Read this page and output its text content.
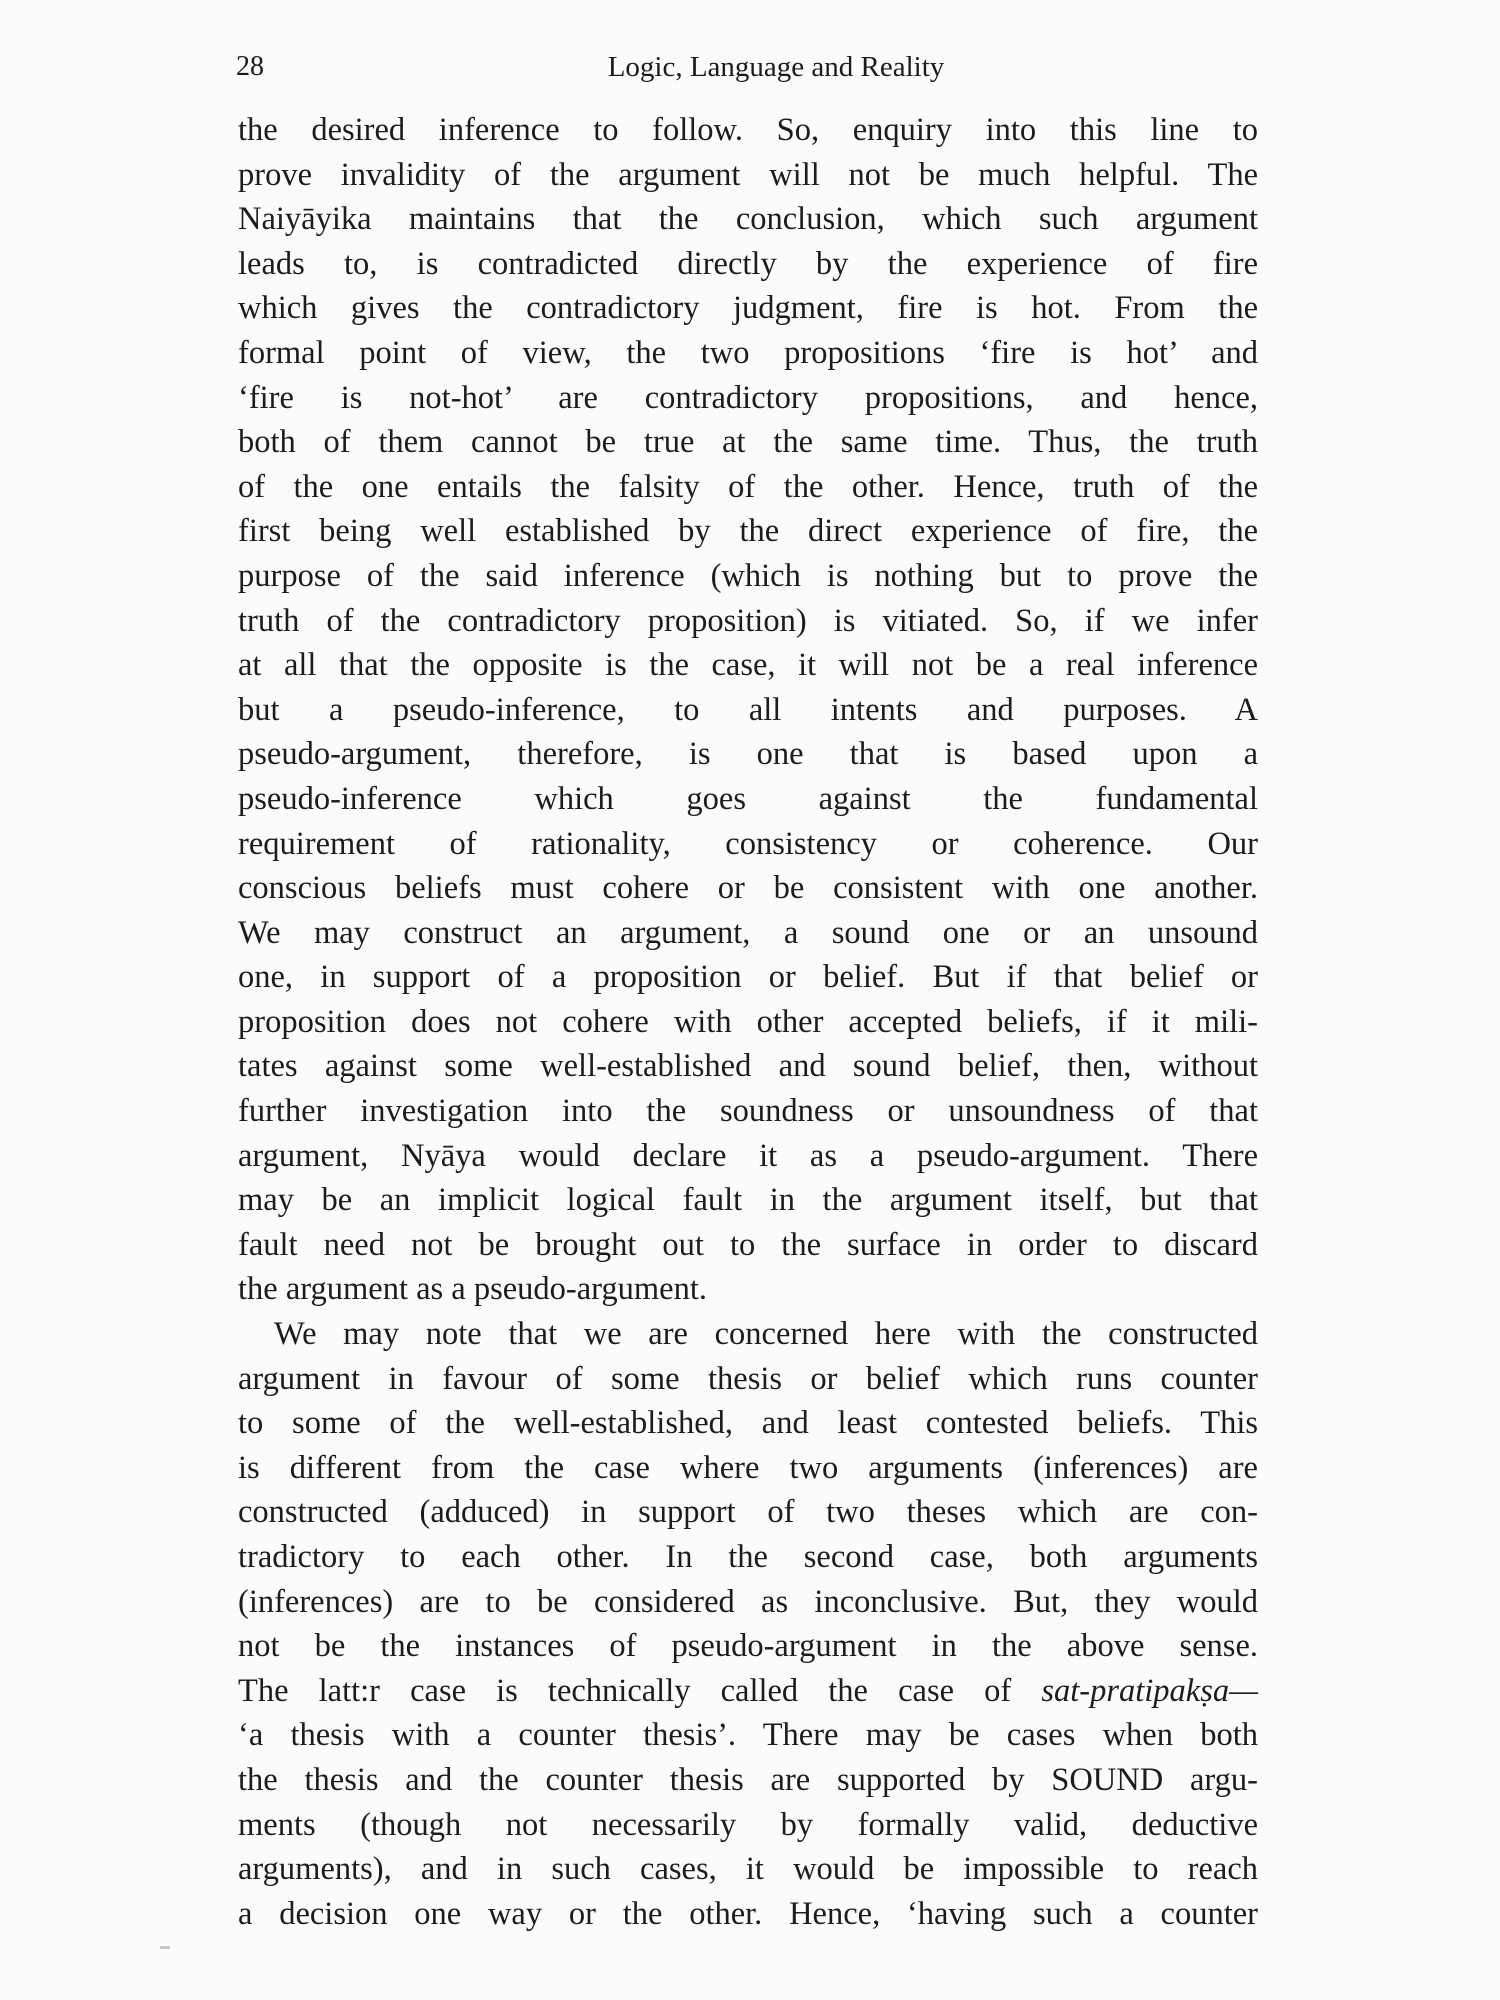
28	Logic, Language and Reality
the desired inference to follow. So, enquiry into this line to
prove invalidity of the argument will not be much helpful. The
Naiyāyika maintains that the conclusion, which such argument
leads to, is contradicted directly by the experience of fire
which gives the contradictory judgment, fire is hot. From the
formal point of view, the two propositions ‘fire is hot’ and
‘fire is not-hot’ are contradictory propositions, and hence,
both of them cannot be true at the same time. Thus, the truth
of the one entails the falsity of the other. Hence, truth of the
first being well established by the direct experience of fire, the
purpose of the said inference (which is nothing but to prove the
truth of the contradictory proposition) is vitiated. So, if we infer
at all that the opposite is the case, it will not be a real inference
but a pseudo-inference, to all intents and purposes. A
pseudo-argument, therefore, is one that is based upon a
pseudo-inference which goes against the fundamental
requirement of rationality, consistency or coherence. Our
conscious beliefs must cohere or be consistent with one another.
We may construct an argument, a sound one or an unsound
one, in support of a proposition or belief. But if that belief or
proposition does not cohere with other accepted beliefs, if it mili-
tates against some well-established and sound belief, then, without
further investigation into the soundness or unsoundness of that
argument, Nyāya would declare it as a pseudo-argument. There
may be an implicit logical fault in the argument itself, but that
fault need not be brought out to the surface in order to discard
the argument as a pseudo-argument.
We may note that we are concerned here with the constructed
argument in favour of some thesis or belief which runs counter
to some of the well-established, and least contested beliefs. This
is different from the case where two arguments (inferences) are
constructed (adduced) in support of two theses which are con-
tradictory to each other. In the second case, both arguments
(inferences) are to be considered as inconclusive. But, they would
not be the instances of pseudo-argument in the above sense.
The latt:r case is technically called the case of sat-pratipakṣa—
‘a thesis with a counter thesis’. There may be cases when both
the thesis and the counter thesis are supported by SOUND argu-
ments (though not necessarily by formally valid, deductive
arguments), and in such cases, it would be impossible to reach
a decision one way or the other. Hence, ‘having such a counter
